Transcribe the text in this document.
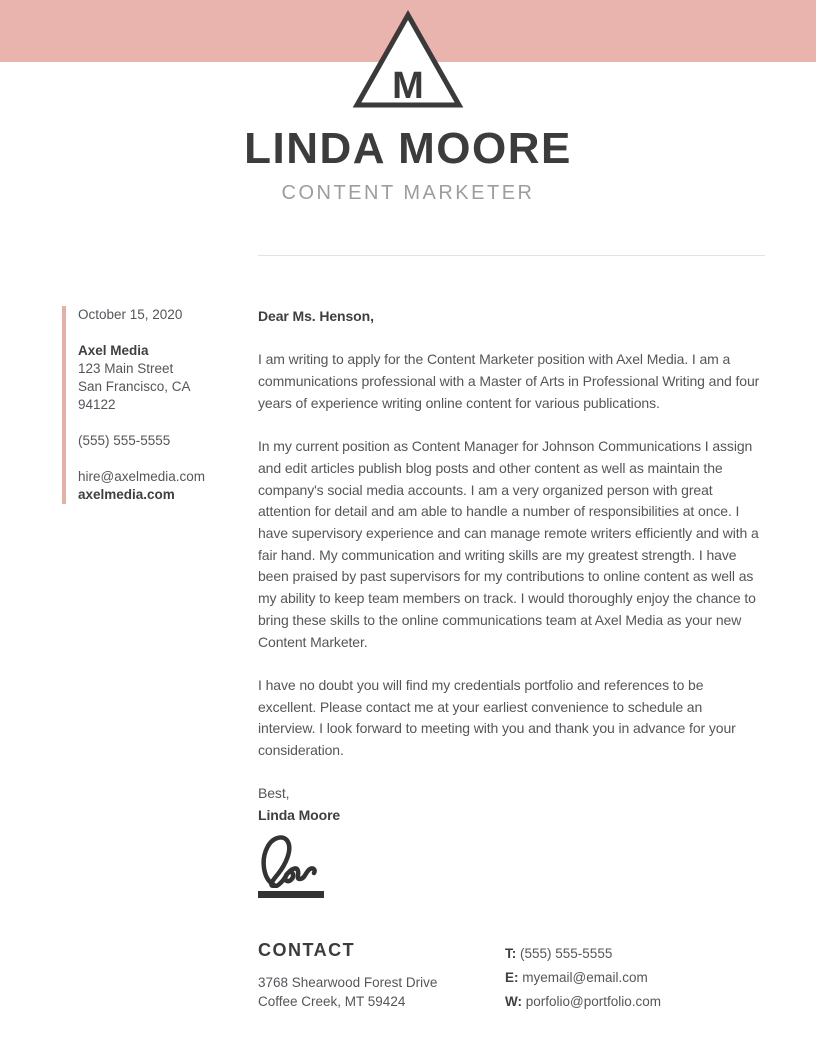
M
LINDA MOORE
CONTENT MARKETER
October 15, 2020
Axel Media
123 Main Street
San Francisco, CA
94122
(555) 555-5555
hire@axelmedia.com
axelmedia.com

Dear Ms. Henson,

I am writing to apply for the Content Marketer position with Axel Media. I am a communications professional with a Master of Arts in Professional Writing and four years of experience writing online content for various publications.

In my current position as Content Manager for Johnson Communications I assign and edit articles publish blog posts and other content as well as maintain the company's social media accounts. I am a very organized person with great attention for detail and am able to handle a number of responsibilities at once. I have supervisory experience and can manage remote writers efficiently and with a fair hand. My communication and writing skills are my greatest strength. I have been praised by past supervisors for my contributions to online content as well as my ability to keep team members on track. I would thoroughly enjoy the chance to bring these skills to the online communications team at Axel Media as your new Content Marketer.

I have no doubt you will find my credentials portfolio and references to be excellent. Please contact me at your earliest convenience to schedule an interview. I look forward to meeting with you and thank you in advance for your consideration.

Best,

Linda Moore

CONTACT
3768 Shearwood Forest Drive
Coffee Creek, MT 59424
T: (555) 555-5555
E: myemail@email.com
W: porfolio@portfolio.com
